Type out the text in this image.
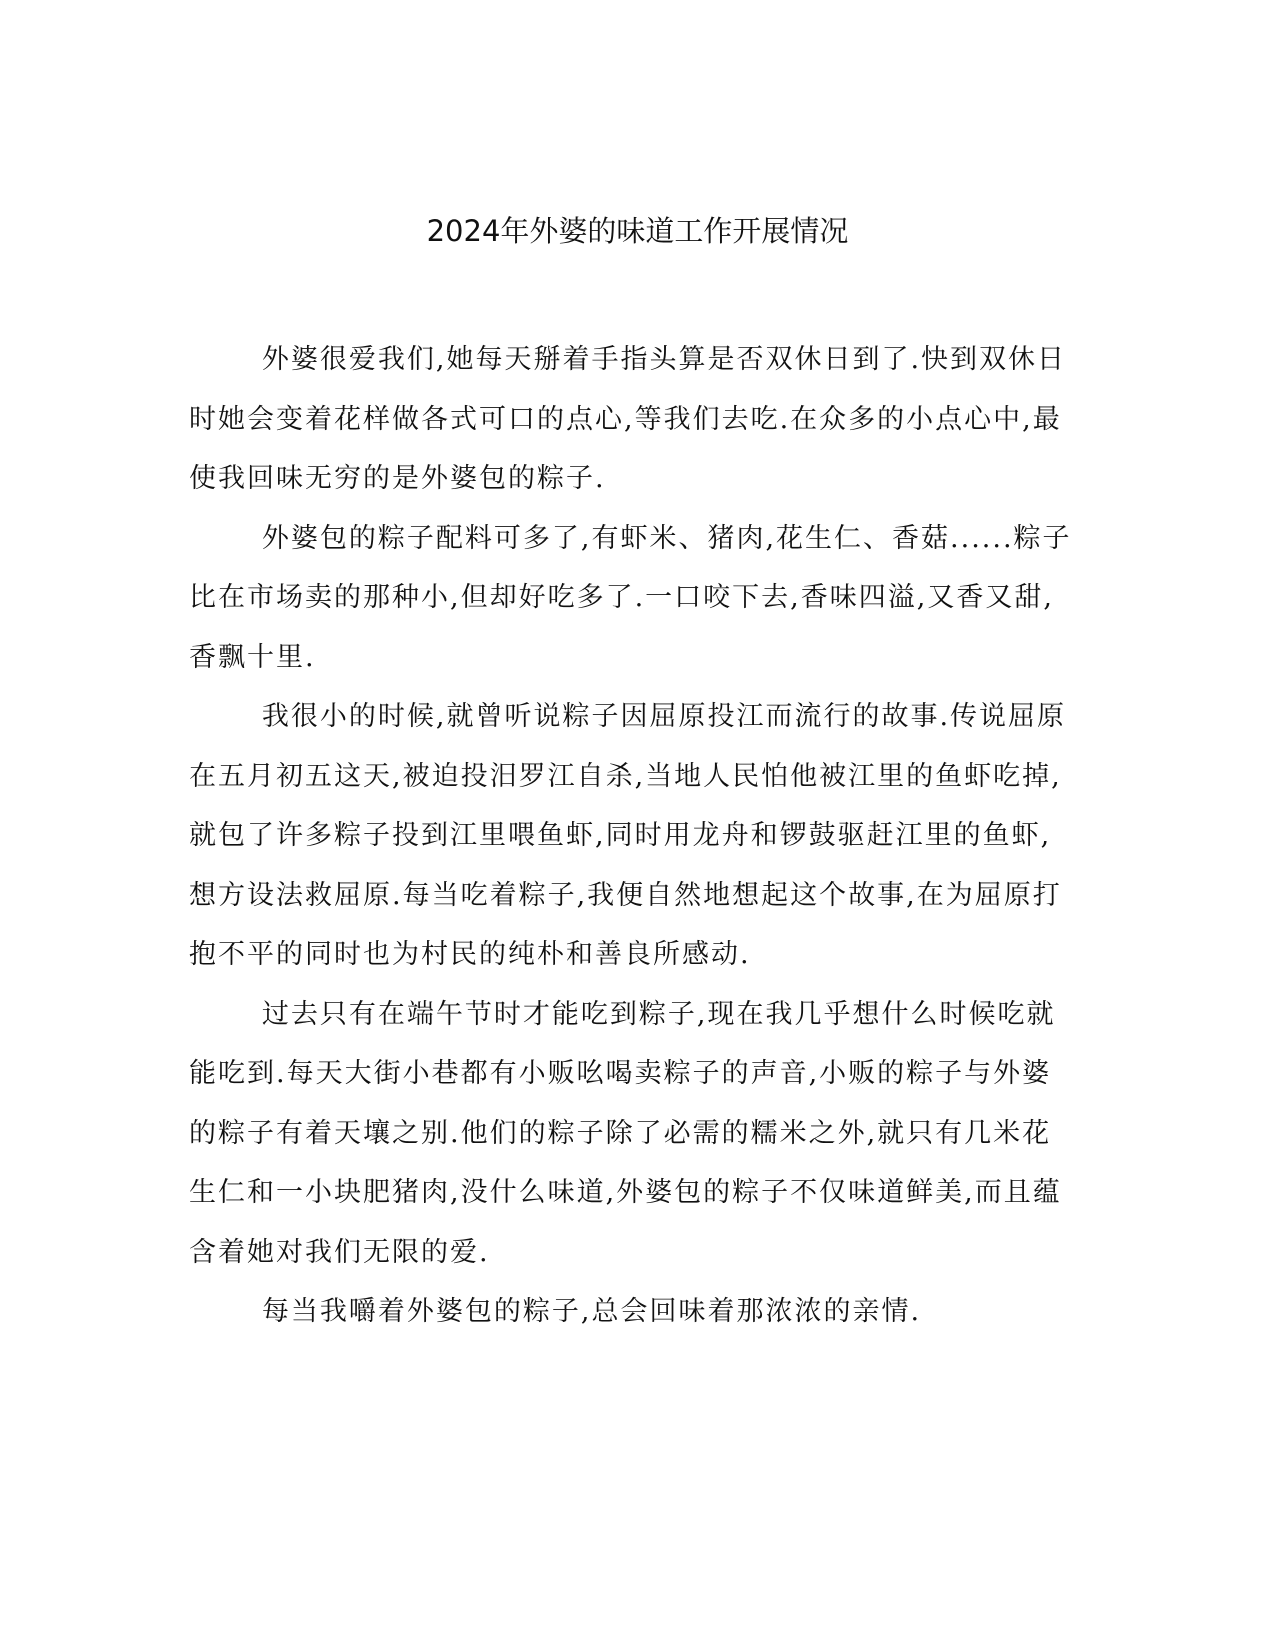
2024年外婆的味道工作开展情况

外婆很爱我们,她每天掰着手指头算是否双休日到了.快到双休日时她会变着花样做各式可口的点心,等我们去吃.在众多的小点心中,最使我回味无穷的是外婆包的粽子.

外婆包的粽子配料可多了,有虾米、猪肉,花生仁、香菇......粽子比在市场卖的那种小,但却好吃多了.一口咬下去,香味四溢,又香又甜,香飘十里.

我很小的时候,就曾听说粽子因屈原投江而流行的故事.传说屈原在五月初五这天,被迫投汨罗江自杀,当地人民怕他被江里的鱼虾吃掉,就包了许多粽子投到江里喂鱼虾,同时用龙舟和锣鼓驱赶江里的鱼虾,想方设法救屈原.每当吃着粽子,我便自然地想起这个故事,在为屈原打抱不平的同时也为村民的纯朴和善良所感动.

过去只有在端午节时才能吃到粽子,现在我几乎想什么时候吃就能吃到.每天大街小巷都有小贩吆喝卖粽子的声音,小贩的粽子与外婆的粽子有着天壤之别.他们的粽子除了必需的糯米之外,就只有几米花生仁和一小块肥猪肉,没什么味道,外婆包的粽子不仅味道鲜美,而且蕴含着她对我们无限的爱.

每当我嚼着外婆包的粽子,总会回味着那浓浓的亲情.
